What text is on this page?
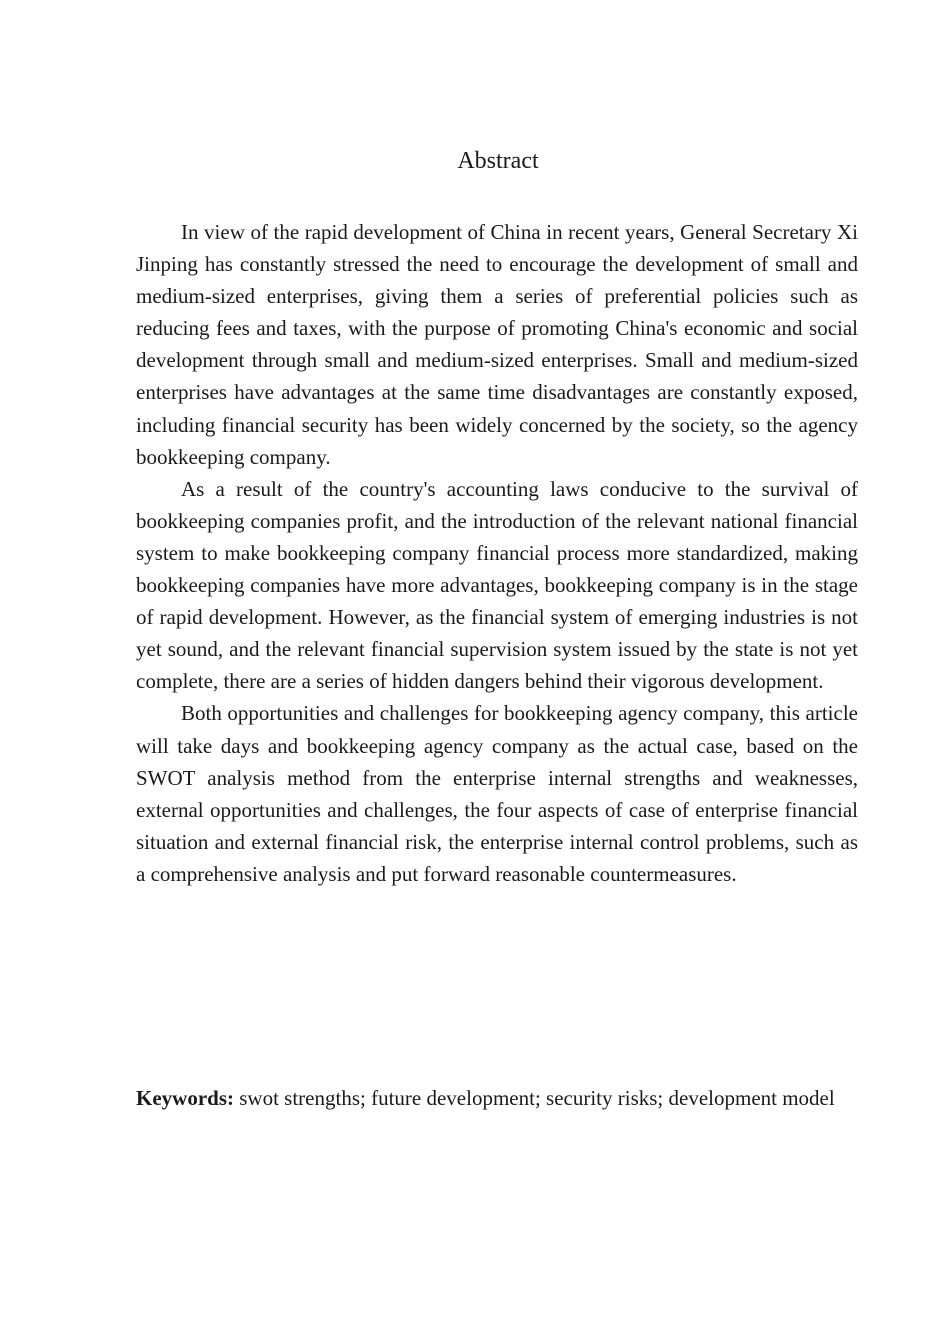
Abstract

In view of the rapid development of China in recent years, General Secretary Xi Jinping has constantly stressed the need to encourage the development of small and medium-sized enterprises, giving them a series of preferential policies such as reducing fees and taxes, with the purpose of promoting China's economic and social development through small and medium-sized enterprises. Small and medium-sized enterprises have advantages at the same time disadvantages are constantly exposed, including financial security has been widely concerned by the society, so the agency bookkeeping company.

As a result of the country's accounting laws conducive to the survival of bookkeeping companies profit, and the introduction of the relevant national financial system to make bookkeeping company financial process more standardized, making bookkeeping companies have more advantages, bookkeeping company is in the stage of rapid development. However, as the financial system of emerging industries is not yet sound, and the relevant financial supervision system issued by the state is not yet complete, there are a series of hidden dangers behind their vigorous development.

Both opportunities and challenges for bookkeeping agency company, this article will take days and bookkeeping agency company as the actual case, based on the SWOT analysis method from the enterprise internal strengths and weaknesses, external opportunities and challenges, the four aspects of case of enterprise financial situation and external financial risk, the enterprise internal control problems, such as a comprehensive analysis and put forward reasonable countermeasures.

Keywords: swot strengths; future development; security risks; development model
